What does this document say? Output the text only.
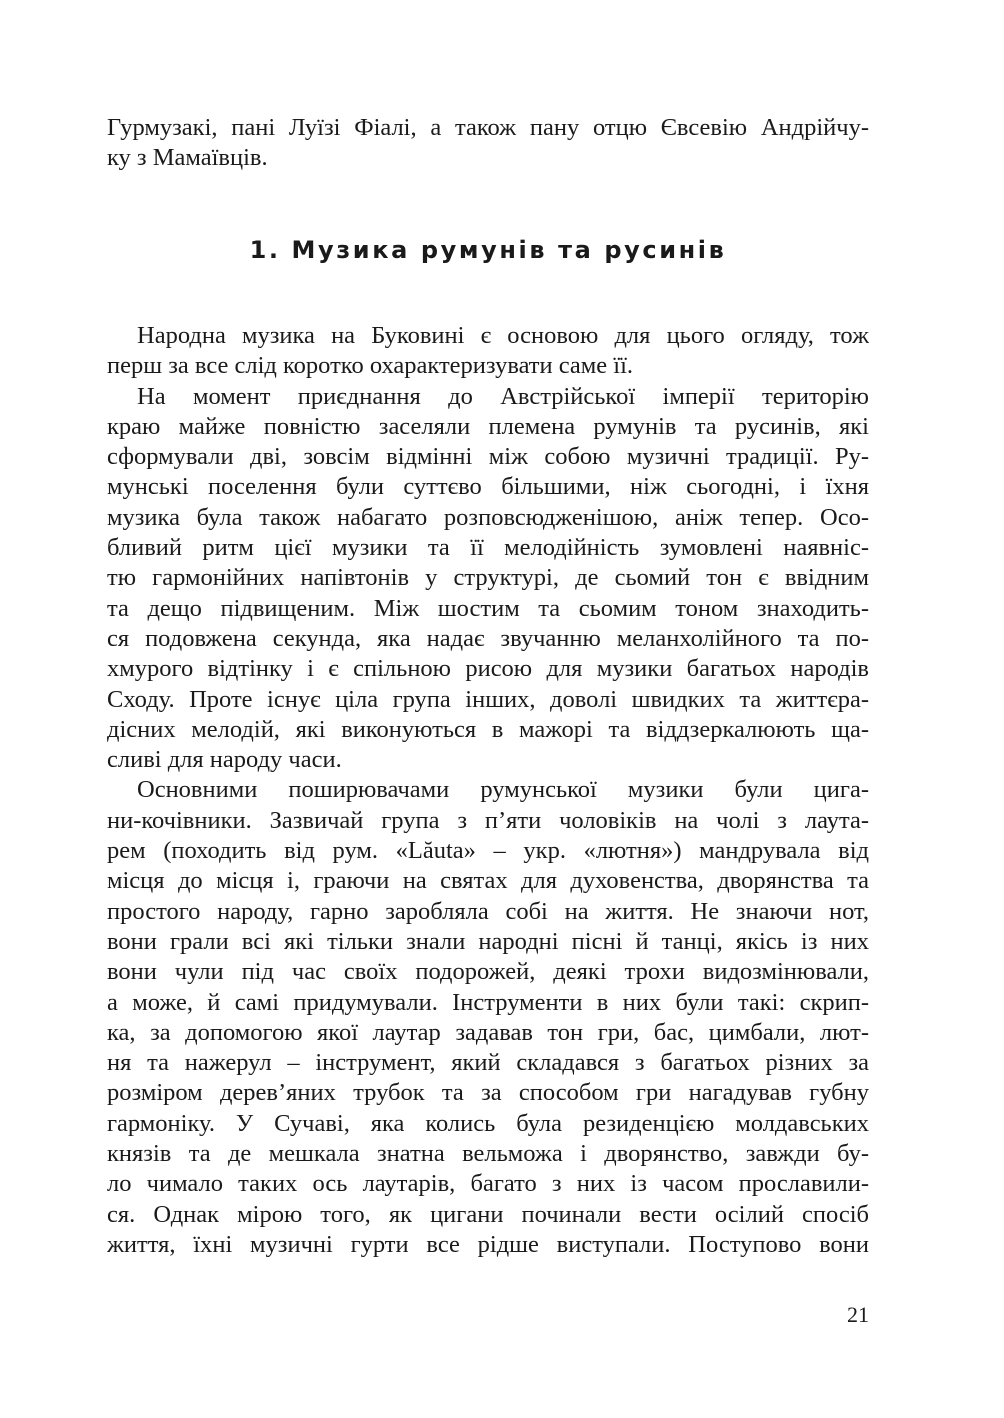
Гурмузакі, пані Луїзі Фіалі, а також пану отцю Євсевію Андрійчу-
ку з Мамаївців.
1. Музика румунів та русинів
Народна музика на Буковині є основою для цього огляду, тож
перш за все слід коротко охарактеризувати саме її.
На момент приєднання до Австрійської імперії територію
краю майже повністю заселяли племена румунів та русинів, які
сформували дві, зовсім відмінні між собою музичні традиції. Ру-
мунські поселення були суттєво більшими, ніж сьогодні, і їхня
музика була також набагато розповсюдженішою, аніж тепер. Осо-
бливий ритм цієї музики та її мелодійність зумовлені наявніс-
тю гармонійних напівтонів у структурі, де сьомий тон є ввідним
та дещо підвищеним. Між шостим та сьомим тоном знаходить-
ся подовжена секунда, яка надає звучанню меланхолійного та по-
хмурого відтінку і є спільною рисою для музики багатьох народів
Сходу. Проте існує ціла група інших, доволі швидких та життєра-
дісних мелодій, які виконуються в мажорі та віддзеркалюють ща-
сливі для народу часи.
Основними поширювачами румунської музики були цига-
ни-кочівники. Зазвичай група з п’яти чоловіків на чолі з лаута-
рем (походить від рум. «Lăuta» – укр. «лютня») мандрувала від
місця до місця і, граючи на святах для духовенства, дворянства та
простого народу, гарно заробляла собі на життя. Не знаючи нот,
вони грали всі які тільки знали народні пісні й танці, якісь із них
вони чули під час своїх подорожей, деякі трохи видозмінювали,
а може, й самі придумували. Інструменти в них були такі: скрип-
ка, за допомогою якої лаутар задавав тон гри, бас, цимбали, лют-
ня та нажерул – інструмент, який складався з багатьох різних за
розміром дерев’яних трубок та за способом гри нагадував губну
гармоніку. У Сучаві, яка колись була резиденцією молдавських
князів та де мешкала знатна вельможа і дворянство, завжди бу-
ло чимало таких ось лаутарів, багато з них із часом прославили-
ся. Однак мірою того, як цигани починали вести осілий спосіб
життя, їхні музичні гурти все рідше виступали. Поступово вони
21
